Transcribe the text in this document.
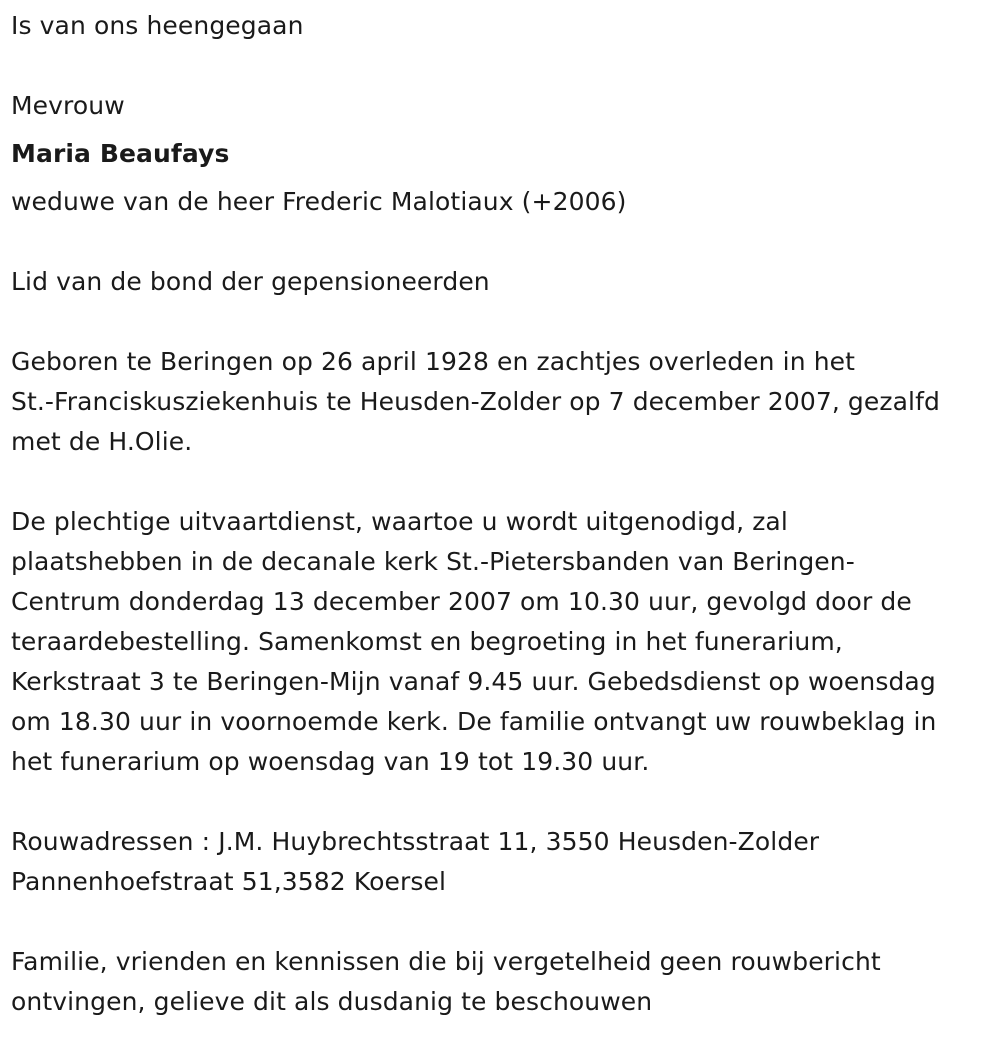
Is van ons heengegaan
Mevrouw
Maria Beaufays
weduwe van de heer Frederic Malotiaux (+2006)
Lid van de bond der gepensioneerden
Geboren te Beringen op 26 april 1928 en zachtjes overleden in het
St.-Franciskusziekenhuis te Heusden-Zolder op 7 december 2007, gezalfd
met de H.Olie.
De plechtige uitvaartdienst, waartoe u wordt uitgenodigd, zal
plaatshebben in de decanale kerk St.-Pietersbanden van Beringen-
Centrum donderdag 13 december 2007 om 10.30 uur, gevolgd door de
teraardebestelling. Samenkomst en begroeting in het funerarium,
Kerkstraat 3 te Beringen-Mijn vanaf 9.45 uur. Gebedsdienst op woensdag
om 18.30 uur in voornoemde kerk. De familie ontvangt uw rouwbeklag in
het funerarium op woensdag van 19 tot 19.30 uur.
Rouwadressen : J.M. Huybrechtsstraat 11, 3550 Heusden-Zolder
Pannenhoefstraat 51,3582 Koersel
Familie, vrienden en kennissen die bij vergetelheid geen rouwbericht
ontvingen, gelieve dit als dusdanig te beschouwen
